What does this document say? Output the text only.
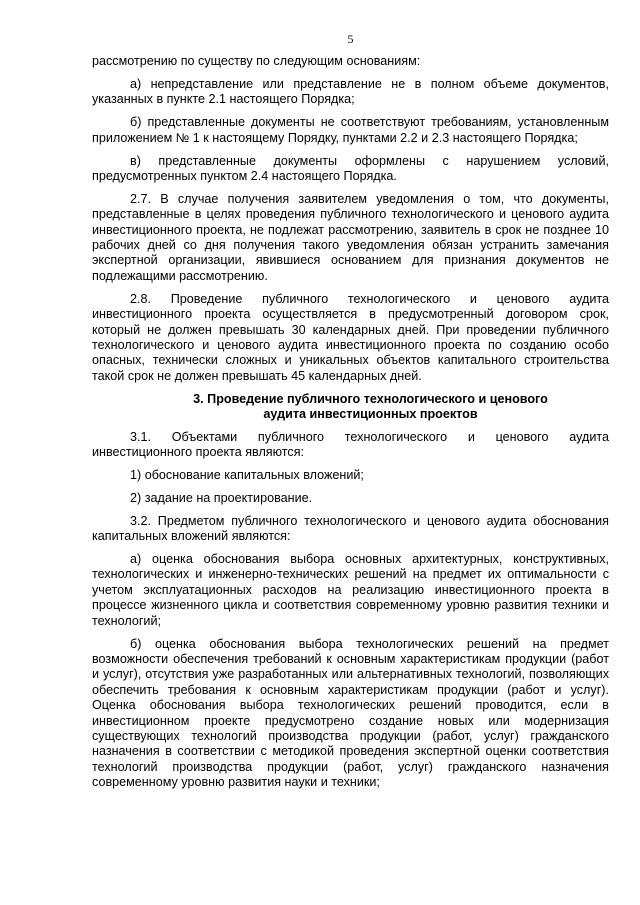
5

рассмотрению по существу по следующим основаниям:

а) непредставление или представление не в полном объеме документов, указанных в пункте 2.1 настоящего Порядка;

б) представленные документы не соответствуют требованиям, установленным приложением № 1 к настоящему Порядку, пунктами 2.2 и 2.3 настоящего Порядка;

в) представленные документы оформлены с нарушением условий, предусмотренных пунктом 2.4 настоящего Порядка.

2.7. В случае получения заявителем уведомления о том, что документы, представленные в целях проведения публичного технологического и ценового аудита инвестиционного проекта, не подлежат рассмотрению, заявитель в срок не позднее 10 рабочих дней со дня получения такого уведомления обязан устранить замечания экспертной организации, явившиеся основанием для признания документов не подлежащими рассмотрению.

2.8. Проведение публичного технологического и ценового аудита инвестиционного проекта осуществляется в предусмотренный договором срок, который не должен превышать 30 календарных дней. При проведении публичного технологического и ценового аудита инвестиционного проекта по созданию особо опасных, технически сложных и уникальных объектов капитального строительства такой срок не должен превышать 45 календарных дней.

3. Проведение публичного технологического и ценового
аудита инвестиционных проектов

3.1. Объектами публичного технологического и ценового аудита инвестиционного проекта являются:

1) обоснование капитальных вложений;

2) задание на проектирование.

3.2. Предметом публичного технологического и ценового аудита обоснования капитальных вложений являются:

а) оценка обоснования выбора основных архитектурных, конструктивных, технологических и инженерно-технических решений на предмет их оптимальности с учетом эксплуатационных расходов на реализацию инвестиционного проекта в процессе жизненного цикла и соответствия современному уровню развития техники и технологий;

б) оценка обоснования выбора технологических решений на предмет возможности обеспечения требований к основным характеристикам продукции (работ и услуг), отсутствия уже разработанных или альтернативных технологий, позволяющих обеспечить требования к основным характеристикам продукции (работ и услуг). Оценка обоснования выбора технологических решений проводится, если в инвестиционном проекте предусмотрено создание новых или модернизация существующих технологий производства продукции (работ, услуг) гражданского назначения в соответствии с методикой проведения экспертной оценки соответствия технологий производства продукции (работ, услуг) гражданского назначения современному уровню развития науки и техники;
